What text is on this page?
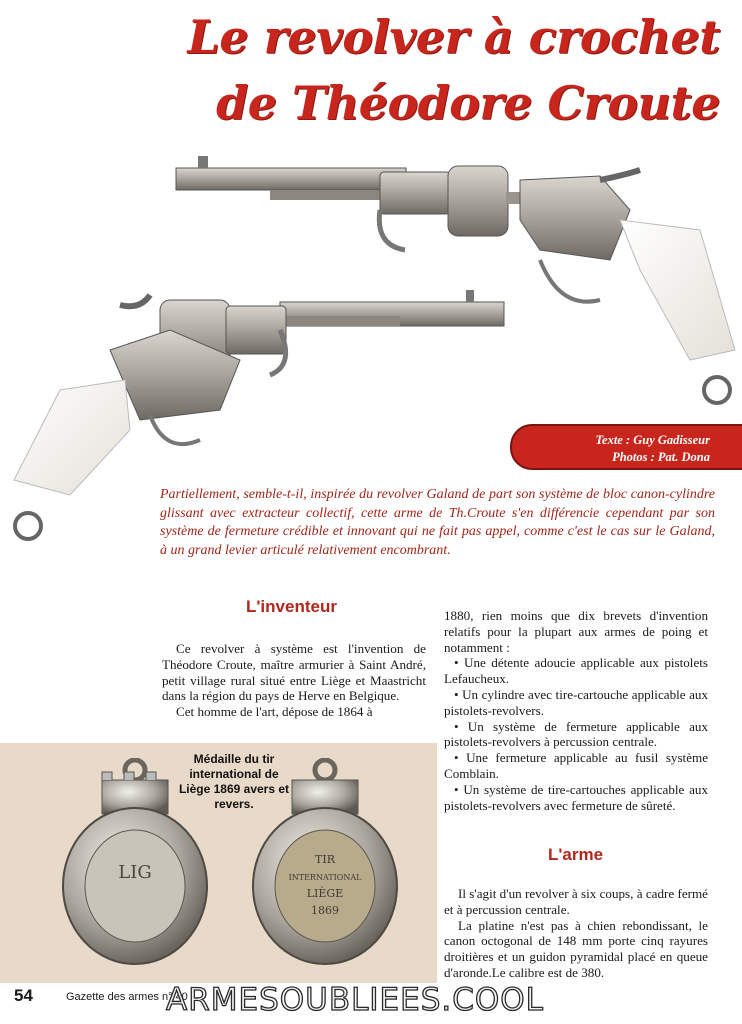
Le revolver à crochet
de Théodore Croute
Texte : Guy Gadisseur
Photos : Pat. Dona
Partiellement, semble-t-il, inspirée du revolver Galand de part son système de bloc canon-cylindre glissant avec extracteur collectif, cette arme de Th.Croute s'en différencie cependant par son système de fermeture crédible et innovant qui ne fait pas appel, comme c'est le cas sur le Galand, à un grand levier articulé relativement encombrant.
L'inventeur

Ce revolver à système est l'invention de Théodore Croute, maître armurier à Saint André, petit village rural situé entre Liège et Maastricht dans la région du pays de Herve en Belgique.

Cet homme de l'art, dépose de 1864 à

1880, rien moins que dix brevets d'invention relatifs pour la plupart aux armes de poing et notamment :

• Une détente adoucie applicable aux pistolets Lefaucheux.

• Un cylindre avec tire-cartouche applicable aux pistolets-revolvers.

• Un système de fermeture applicable aux pistolets-revolvers à percussion centrale.

• Une fermeture applicable au fusil système Comblain.

• Un système de tire-cartouches applicable aux pistolets-revolvers avec fermeture de sûreté.

L'arme

Il s'agit d'un revolver à six coups, à cadre fermé et à percussion centrale.

La platine n'est pas à chien rebondissant, le canon octogonal de 148 mm porte cinq rayures droitières et un guidon pyramidal placé en queue d'aronde.Le calibre est de 380.

LIG
TIR
INTERNATIONAL
LIÈGE
1869
Médaille du tir international de Liège 1869 avers et revers.
54	Gazette des armes n° 40
ARMESOUBLIEES.COOL
